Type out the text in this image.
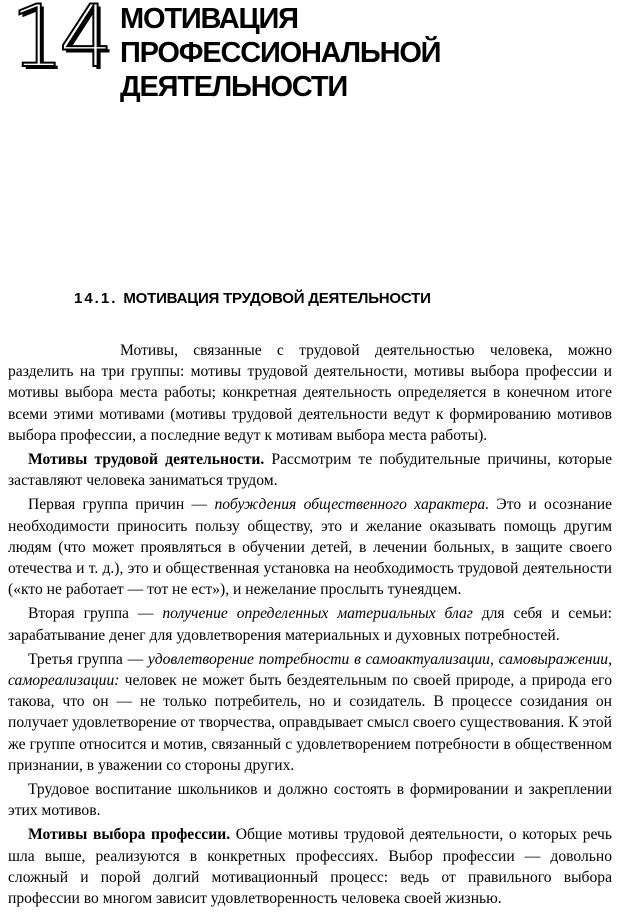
14 МОТИВАЦИЯ
ПРОФЕССИОНАЛЬНОЙ
ДЕЯТЕЛЬНОСТИ
14.1. МОТИВАЦИЯ ТРУДОВОЙ ДЕЯТЕЛЬНОСТИ

Мотивы, связанные с трудовой деятельностью человека, можно разделить на три группы: мотивы трудовой деятельности, мотивы выбора профессии и мотивы выбора места работы; конкретная деятельность определяется в конечном итоге всеми этими мотивами (мотивы трудовой деятельности ведут к формированию мотивов выбора профессии, а последние ведут к мотивам выбора места работы).

Мотивы трудовой деятельности. Рассмотрим те побудительные причины, которые заставляют человека заниматься трудом.

Первая группа причин — побуждения общественного характера. Это и осознание необходимости приносить пользу обществу, это и желание оказывать помощь другим людям (что может проявляться в обучении детей, в лечении больных, в защите своего отечества и т. д.), это и общественная установка на необходимость трудовой деятельности («кто не работает — тот не ест»), и нежелание прослыть тунеядцем.

Вторая группа — получение определенных материальных благ для себя и семьи: зарабатывание денег для удовлетворения материальных и духовных потребностей.

Третья группа — удовлетворение потребности в самоактуализации, самовыражении, самореализации: человек не может быть бездеятельным по своей природе, а природа его такова, что он — не только потребитель, но и созидатель. В процессе созидания он получает удовлетворение от творчества, оправдывает смысл своего существования. К этой же группе относится и мотив, связанный с удовлетворением потребности в общественном признании, в уважении со стороны других.

Трудовое воспитание школьников и должно состоять в формировании и закреплении этих мотивов.

Мотивы выбора профессии. Общие мотивы трудовой деятельности, о которых речь шла выше, реализуются в конкретных профессиях. Выбор профессии — довольно сложный и порой долгий мотивационный процесс: ведь от правильного выбора профессии во многом зависит удовлетворенность человека своей жизнью.
